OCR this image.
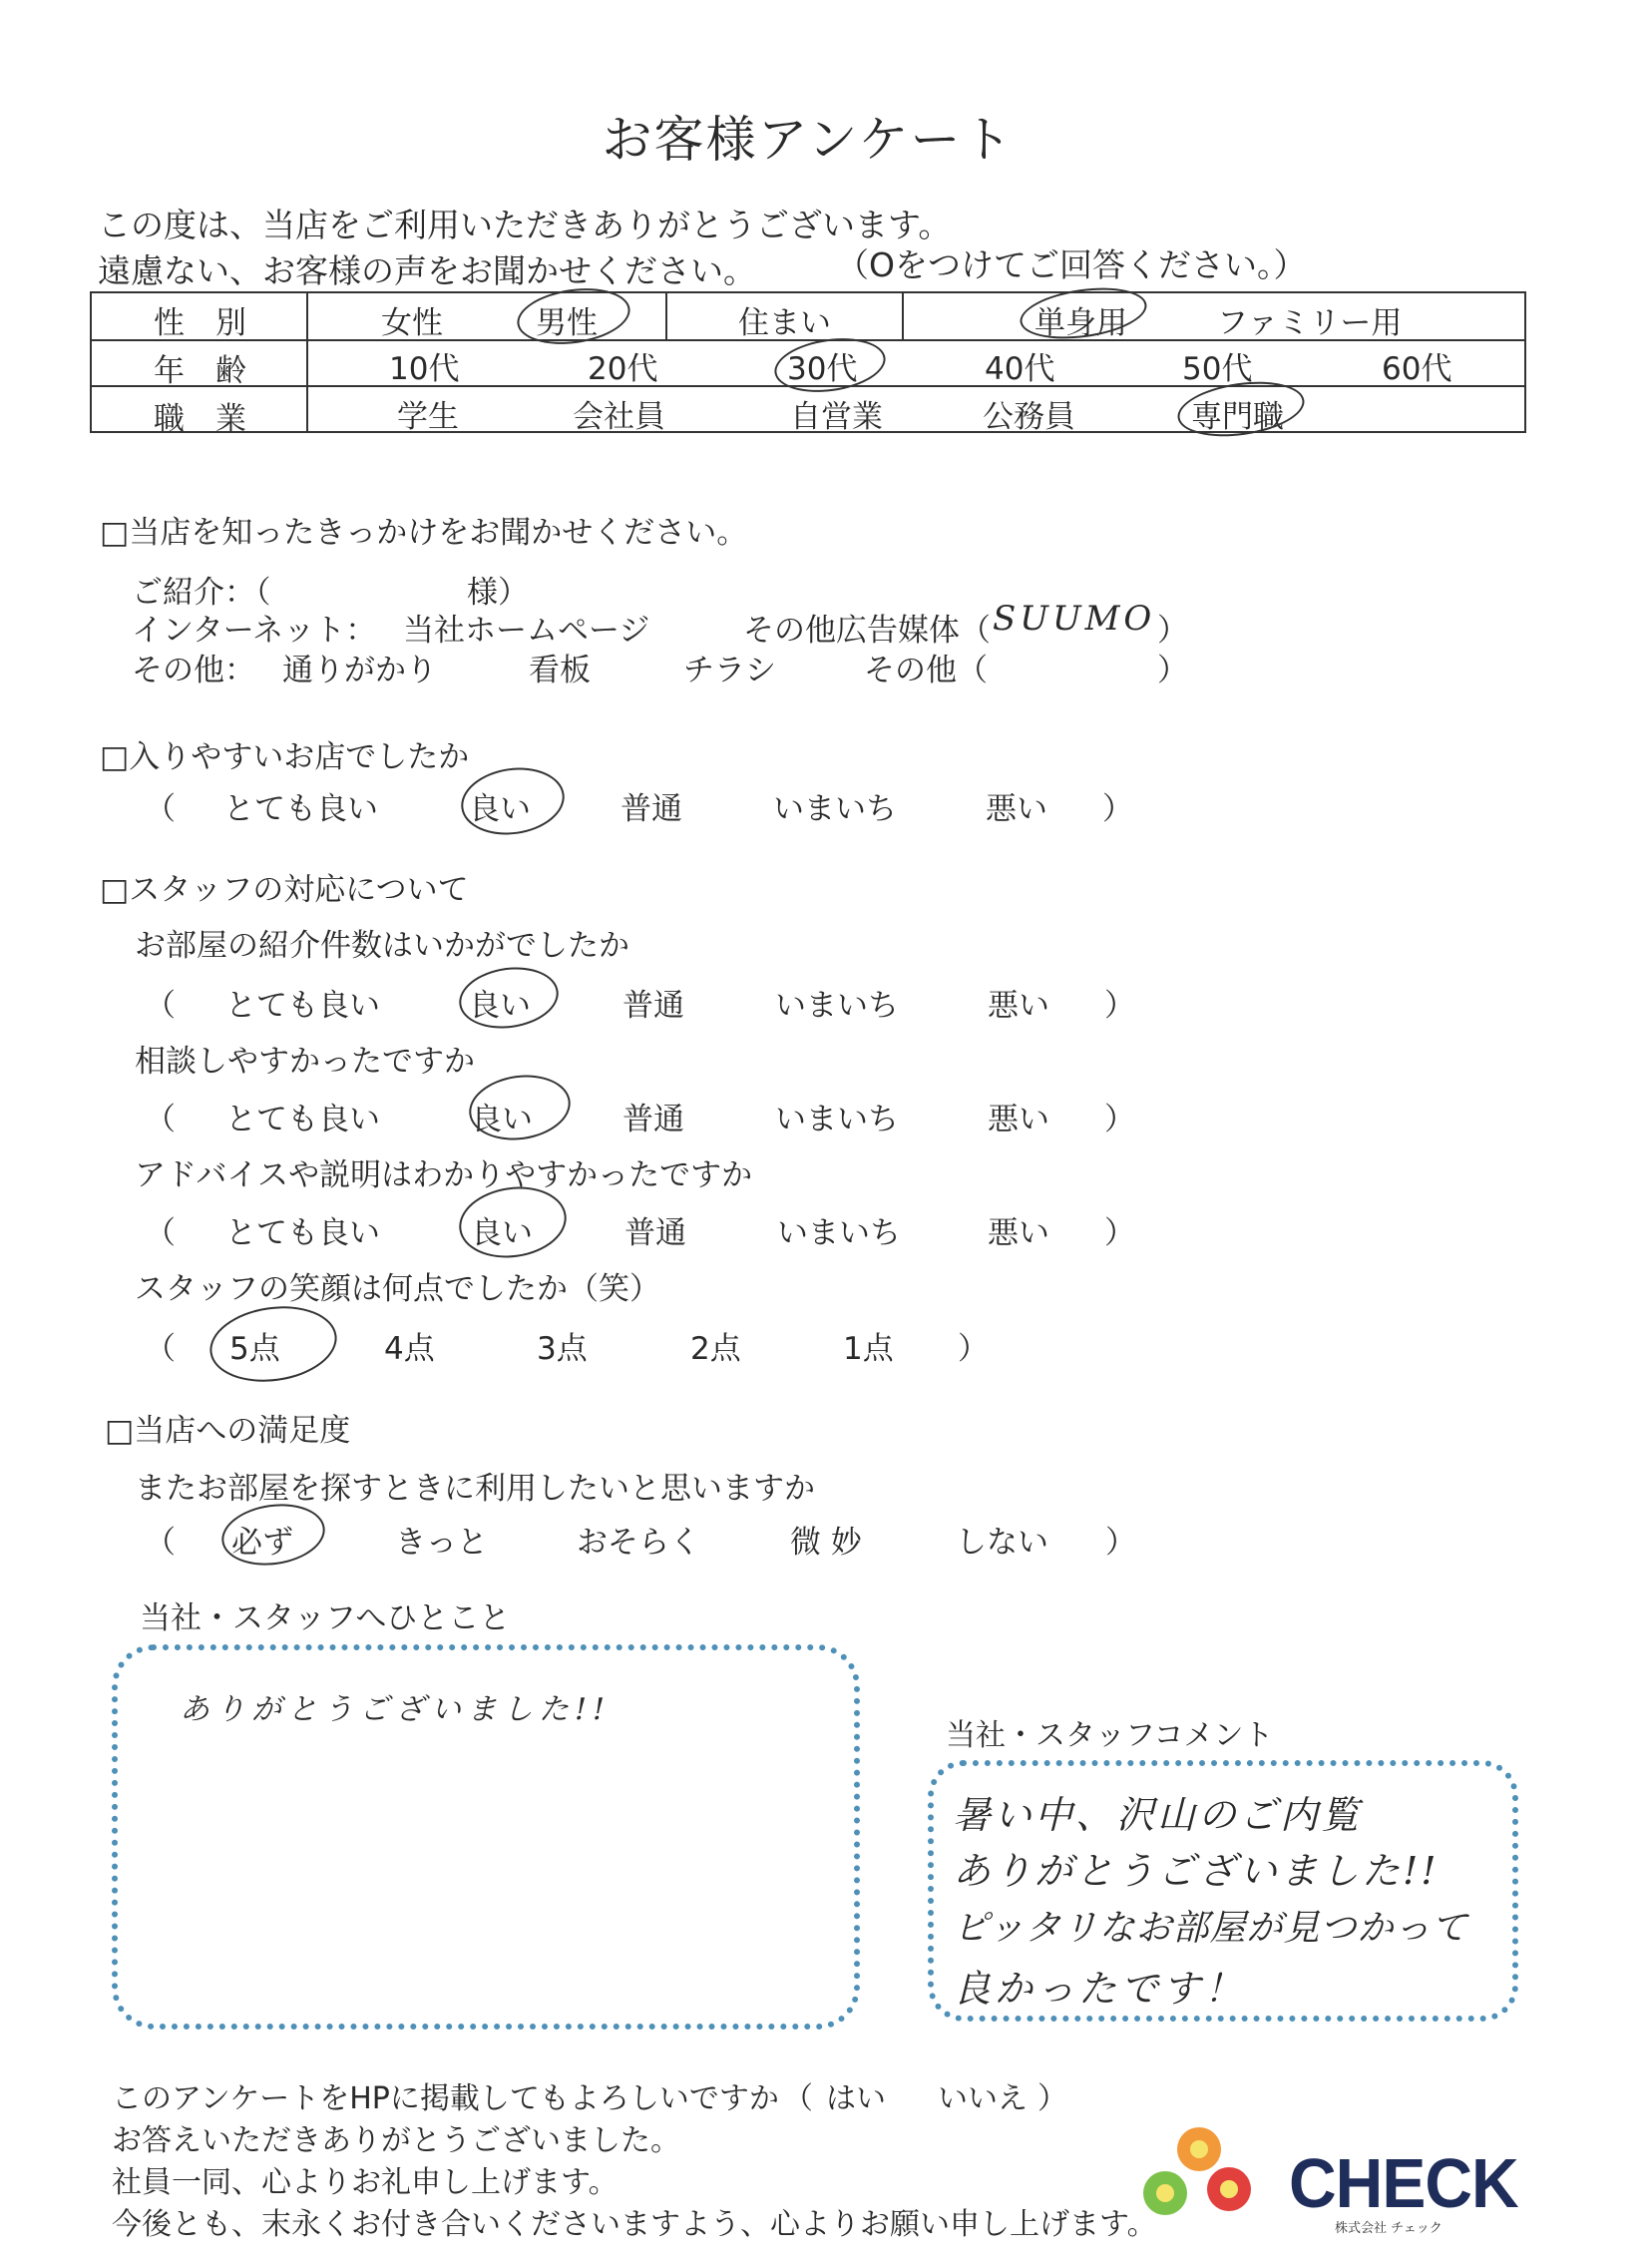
お客様アンケート
この度は、当店をご利用いただきありがとうございます。
遠慮ない、お客様の声をお聞かせください。 （Oをつけてご回答ください。）
性　別	女性	男性	住まい	単身用	ファミリー用
年　齢	10代	20代	30代	40代	50代	60代
職　業	学生	会社員	自営業	公務員	専門職
□当店を知ったきっかけをお聞かせください。
ご紹介：（	様）
インターネット： 当社ホームページ	その他広告媒体（ SUUMO ）
その他： 通りがかり	看板	チラシ	その他（	）
□入りやすいお店でしたか
（ とても良い	良い	普通	いまいち	悪い ）
□スタッフの対応について
お部屋の紹介件数はいかがでしたか
（ とても良い	良い	普通	いまいち	悪い ）
相談しやすかったですか
（ とても良い	良い	普通	いまいち	悪い ）
アドバイスや説明はわかりやすかったですか
（ とても良い	良い	普通	いまいち	悪い ）
スタッフの笑顔は何点でしたか（笑）
（ 5点	4点	3点	2点	1点 ）
□当店への満足度
またお部屋を探すときに利用したいと思いますか
（ 必ず	きっと	おそらく	微 妙	しない ）
当社・スタッフへひとこと
ありがとうございました!!
当社・スタッフコメント
暑い中、沢山のご内覧
ありがとうございました!!
ピッタリなお部屋が見つかって
良かったです！
このアンケートをHPに掲載してもよろしいですか （ はい いいえ ）
お答えいただきありがとうございました。
社員一同、心よりお礼申し上げます。
今後とも、末永くお付き合いくださいますよう、心よりお願い申し上げます。
CHECK
株式会社 チェック
